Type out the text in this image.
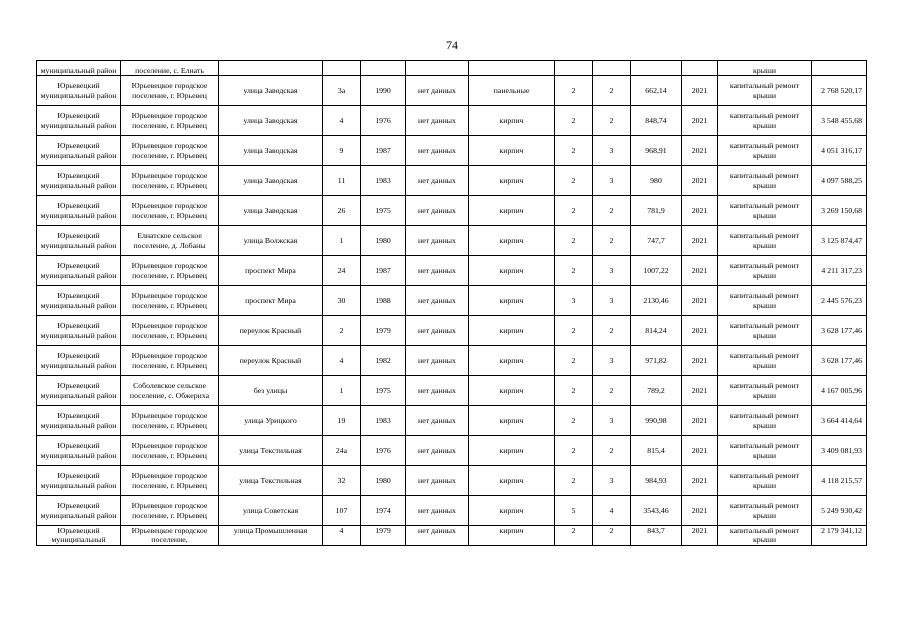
74
муниципальный район	поселение, с. Елнать										крыши	
Юрьевецкий муниципальный район	Юрьевецкое городское поселение, г. Юрьевец	улица Заводская	3а	1990	нет данных	панельные	2	2	662,14	2021	капитальный ремонт крыши	2 768 520,17
Юрьевецкий муниципальный район	Юрьевецкое городское поселение, г. Юрьевец	улица Заводская	4	1976	нет данных	кирпич	2	2	848,74	2021	капитальный ремонт крыши	3 548 455,68
Юрьевецкий муниципальный район	Юрьевецкое городское поселение, г. Юрьевец	улица Заводская	9	1987	нет данных	кирпич	2	3	968,91	2021	капитальный ремонт крыши	4 051 316,17
Юрьевецкий муниципальный район	Юрьевецкое городское поселение, г. Юрьевец	улица Заводская	11	1983	нет данных	кирпич	2	3	980	2021	капитальный ремонт крыши	4 097 588,25
Юрьевецкий муниципальный район	Юрьевецкое городское поселение, г. Юрьевец	улица Заводская	26	1975	нет данных	кирпич	2	2	781,9	2021	капитальный ремонт крыши	3 269 150,68
Юрьевецкий муниципальный район	Елнатское сельское поселение, д. Лобаны	улица Волжская	1	1980	нет данных	кирпич	2	2	747,7	2021	капитальный ремонт крыши	3 125 874,47
Юрьевецкий муниципальный район	Юрьевецкое городское поселение, г. Юрьевец	проспект Мира	24	1987	нет данных	кирпич	2	3	1007,22	2021	капитальный ремонт крыши	4 211 317,23
Юрьевецкий муниципальный район	Юрьевецкое городское поселение, г. Юрьевец	проспект Мира	30	1988	нет данных	кирпич	3	3	2130,46	2021	капитальный ремонт крыши	2 445 576,23
Юрьевецкий муниципальный район	Юрьевецкое городское поселение, г. Юрьевец	переулок Красный	2	1979	нет данных	кирпич	2	2	814,24	2021	капитальный ремонт крыши	3 628 177,46
Юрьевецкий муниципальный район	Юрьевецкое городское поселение, г. Юрьевец	переулок Красный	4	1982	нет данных	кирпич	2	3	971,82	2021	капитальный ремонт крыши	3 628 177,46
Юрьевецкий муниципальный район	Соболевское сельское поселение, с. Обжериха	без улицы	1	1975	нет данных	кирпич	2	2	789,2	2021	капитальный ремонт крыши	4 167 005,96
Юрьевецкий муниципальный район	Юрьевецкое городское поселение, г. Юрьевец	улица Урицкого	19	1983	нет данных	кирпич	2	3	990,98	2021	капитальный ремонт крыши	3 664 414,64
Юрьевецкий муниципальный район	Юрьевецкое городское поселение, г. Юрьевец	улица Текстильная	24а	1976	нет данных	кирпич	2	2	815,4	2021	капитальный ремонт крыши	3 409 081,93
Юрьевецкий муниципальный район	Юрьевецкое городское поселение, г. Юрьевец	улица Текстильная	32	1980	нет данных	кирпич	2	3	984,93	2021	капитальный ремонт крыши	4 118 215,57
Юрьевецкий муниципальный район	Юрьевецкое городское поселение, г. Юрьевец	улица Советская	107	1974	нет данных	кирпич	5	4	3543,46	2021	капитальный ремонт крыши	5 249 930,42
Юрьевецкий муниципальный	Юрьевецкое городское поселение,	улица Промышленная	4	1979	нет данных	кирпич	2	2	843,7	2021	капитальный ремонт крыши	2 179 341,12
